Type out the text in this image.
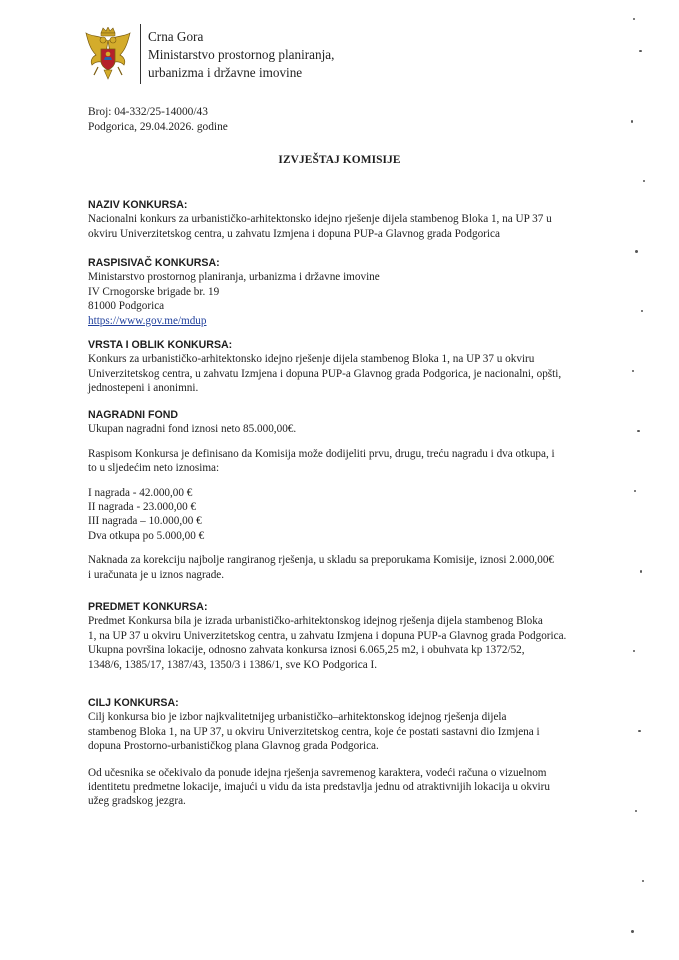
Crna Gora
Ministarstvo prostornog planiranja,
urbanizma i državne imovine
Broj: 04-332/25-14000/43
Podgorica, 29.04.2026. godine
IZVJEŠTAJ KOMISIJE
NAZIV KONKURSA:
Nacionalni konkurs za urbanističko-arhitektonsko idejno rješenje dijela stambenog Bloka 1, na UP 37 u
okviru Univerzitetskog centra, u zahvatu Izmjena i dopuna PUP-a Glavnog grada Podgorica
RASPISIVAČ KONKURSA:
Ministarstvo prostornog planiranja, urbanizma i državne imovine
IV Crnogorske brigade br. 19
81000 Podgorica
https://www.gov.me/mdup
VRSTA I OBLIK KONKURSA:
Konkurs za urbanističko-arhitektonsko idejno rješenje dijela stambenog Bloka 1, na UP 37 u okviru
Univerzitetskog centra, u zahvatu Izmjena i dopuna PUP-a Glavnog grada Podgorica, je nacionalni, opšti,
jednostepeni i anonimni.
NAGRADNI FOND
Ukupan nagradni fond iznosi neto 85.000,00€.
Raspisom Konkursa je definisano da Komisija može dodijeliti prvu, drugu, treću nagradu i dva otkupa, i
to u sljedećim neto iznosima:
I nagrada - 42.000,00 €
II nagrada - 23.000,00 €
III nagrada – 10.000,00 €
Dva otkupa po 5.000,00 €
Naknada za korekciju najbolje rangiranog rješenja, u skladu sa preporukama Komisije, iznosi 2.000,00€
i uračunata je u iznos nagrade.
PREDMET KONKURSA:
Predmet Konkursa bila je izrada urbanističko-arhitektonskog idejnog rješenja dijela stambenog Bloka
1, na UP 37 u okviru Univerzitetskog centra, u zahvatu Izmjena i dopuna PUP-a Glavnog grada Podgorica.
Ukupna površina lokacije, odnosno zahvata konkursa iznosi 6.065,25 m2, i obuhvata kp 1372/52,
1348/6, 1385/17, 1387/43, 1350/3 i 1386/1, sve KO Podgorica I.
CILJ KONKURSA:
Cilj konkursa bio je izbor najkvalitetnijeg urbanističko–arhitektonskog idejnog rješenja dijela
stambenog Bloka 1, na UP 37, u okviru Univerzitetskog centra, koje će postati sastavni dio Izmjena i
dopuna Prostorno-urbanističkog plana Glavnog grada Podgorica.
Od učesnika se očekivalo da ponude idejna rješenja savremenog karaktera, vodeći računa o vizuelnom
identitetu predmetne lokacije, imajući u vidu da ista predstavlja jednu od atraktivnijih lokacija u okviru
užeg gradskog jezgra.
